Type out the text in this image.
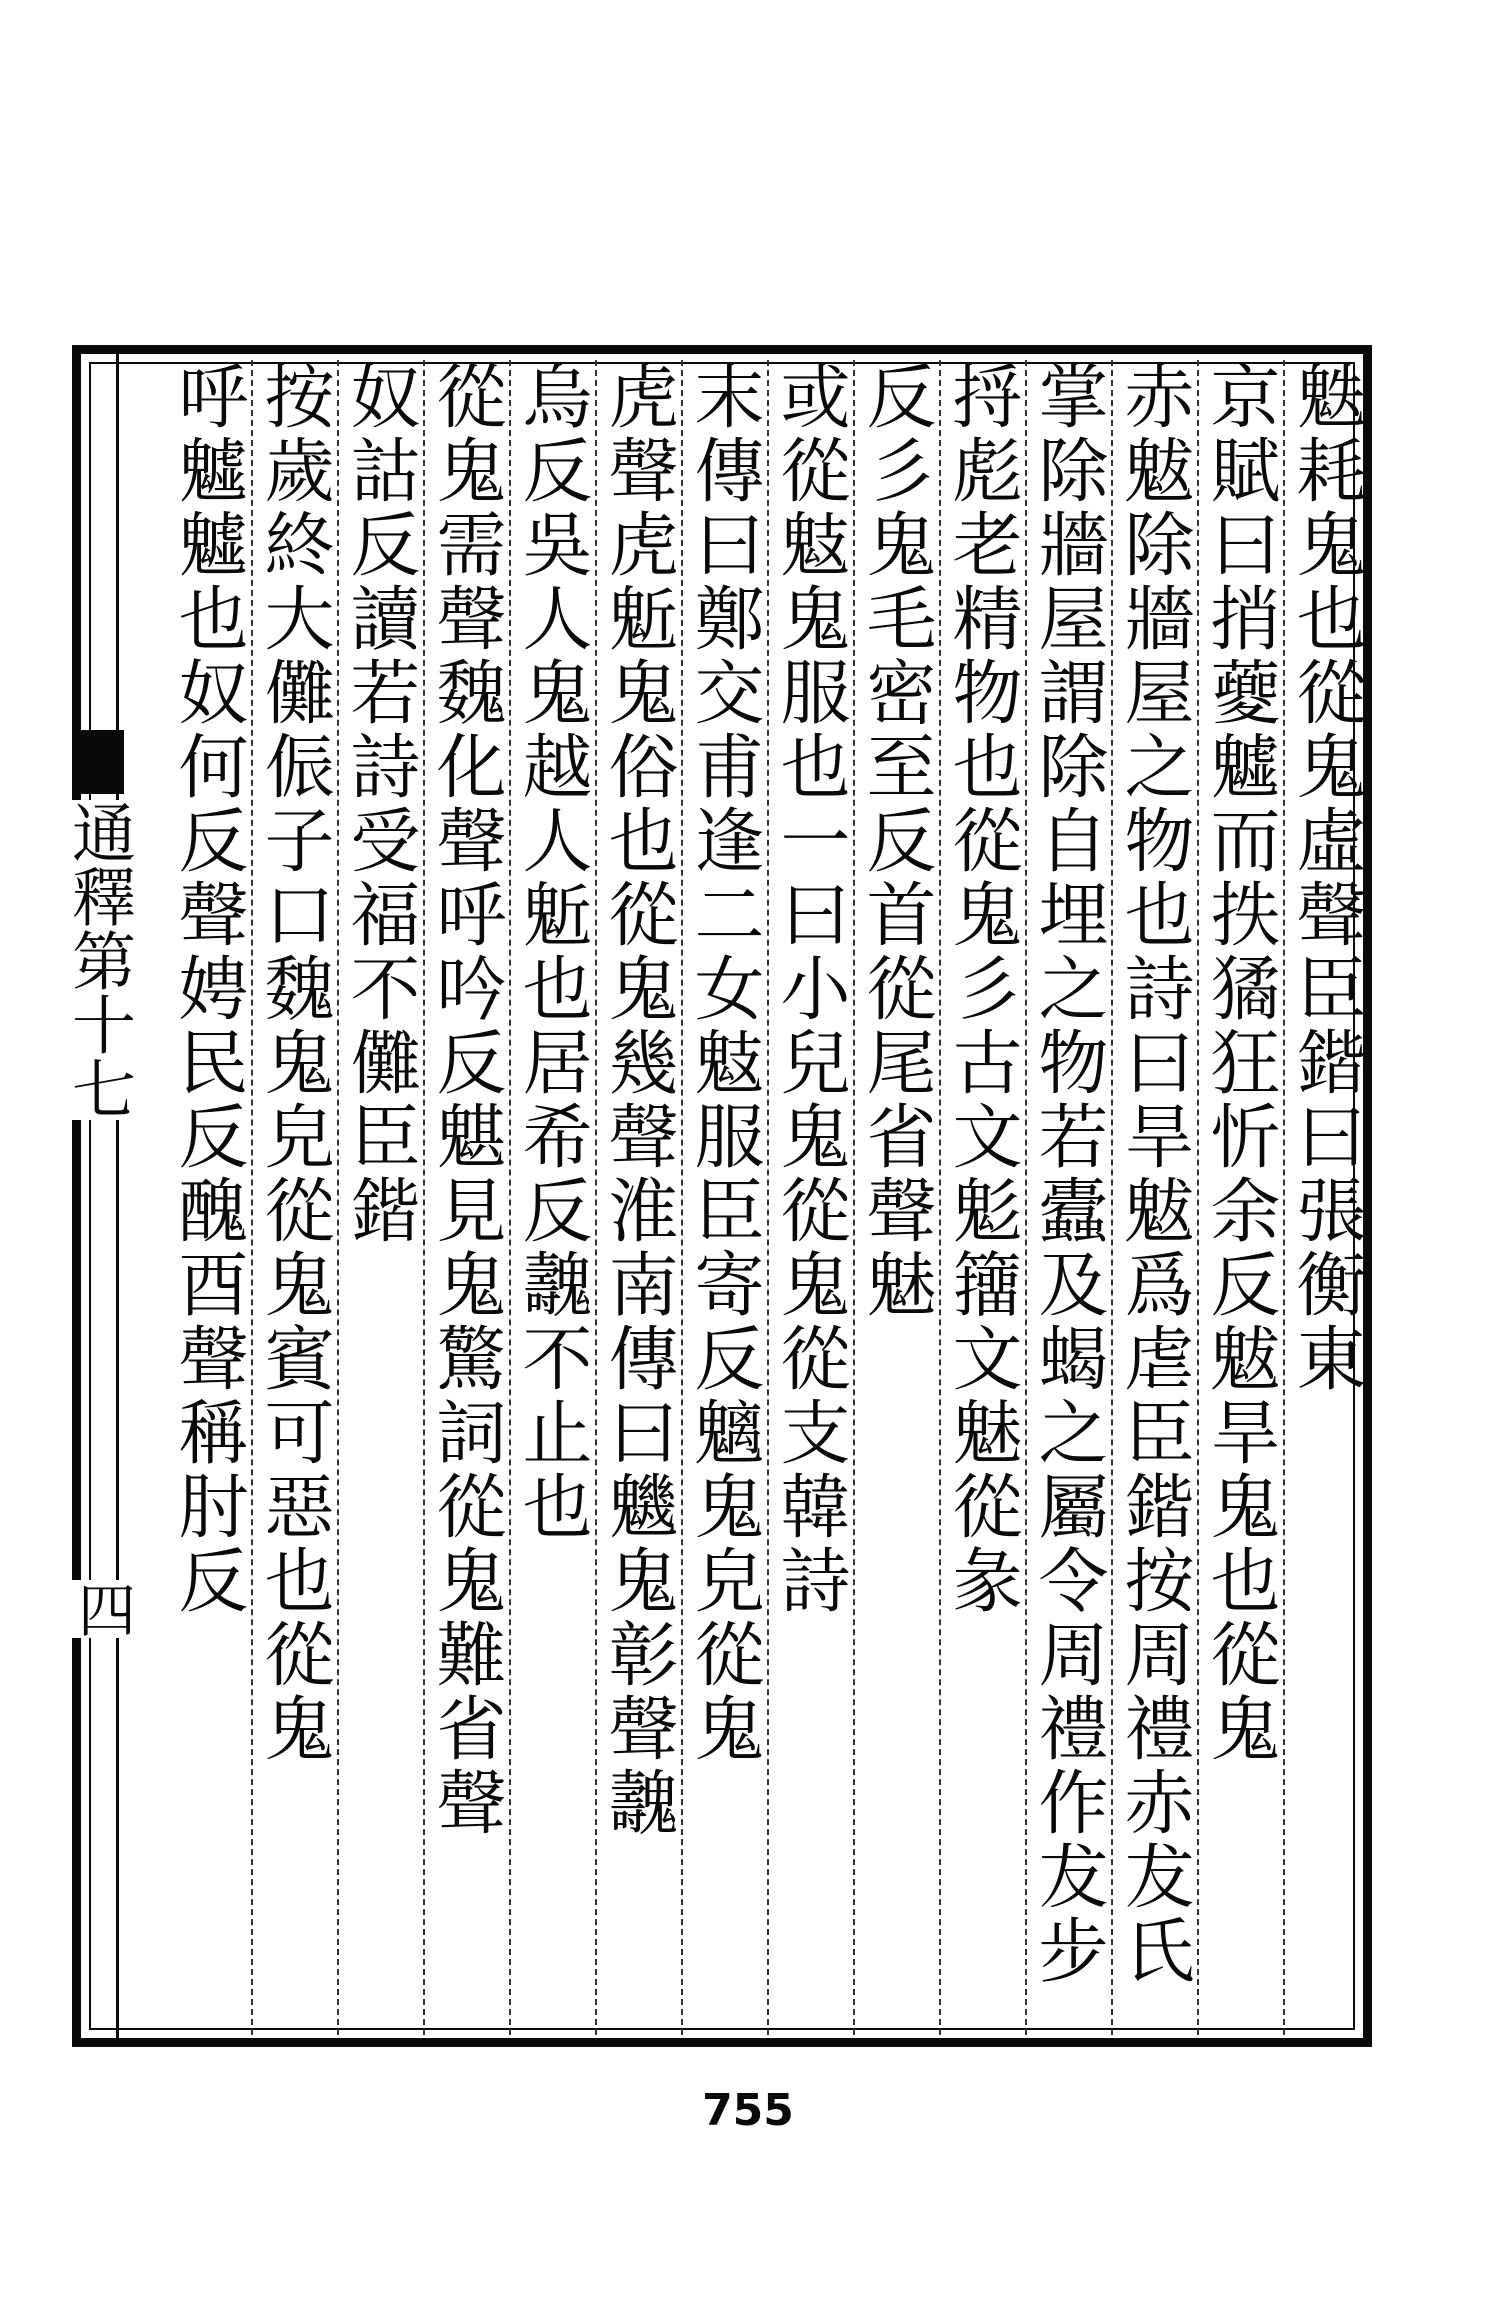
䰡耗鬼也從鬼虛聲臣鍇曰張衡東
京賦曰捎䕫魖而抶獝狂忻余反魃旱鬼也從鬼
赤魃除牆屋之物也詩曰旱魃爲虐臣鍇按周禮赤犮氏
掌除牆屋謂除自埋之物若蠹及蝎之屬令周禮作犮步
捋彪老精物也從鬼彡古文鬽籒文魅從彖
反彡鬼毛密至反首從尾省聲魅
或從鬾鬼服也一曰小兒鬼從鬼從支韓詩
末傳曰鄭交甫逢二女鬾服臣寄反魑鬼皃從鬼
虎聲虎鬿鬼俗也從鬼幾聲淮南傳曰魕鬼彰聲魗
烏反吳人鬼越人鬿也居希反魗不止也
從鬼需聲魏化聲呼吟反魌見鬼驚詞從鬼難省聲
奴詁反讀若詩受福不儺臣鍇
按歲終大儺侲子口魏鬼皃從鬼賓可惡也從鬼
呼魖魖也奴何反聲娉民反醜酉聲稱肘反
通釋第十七
四
755
